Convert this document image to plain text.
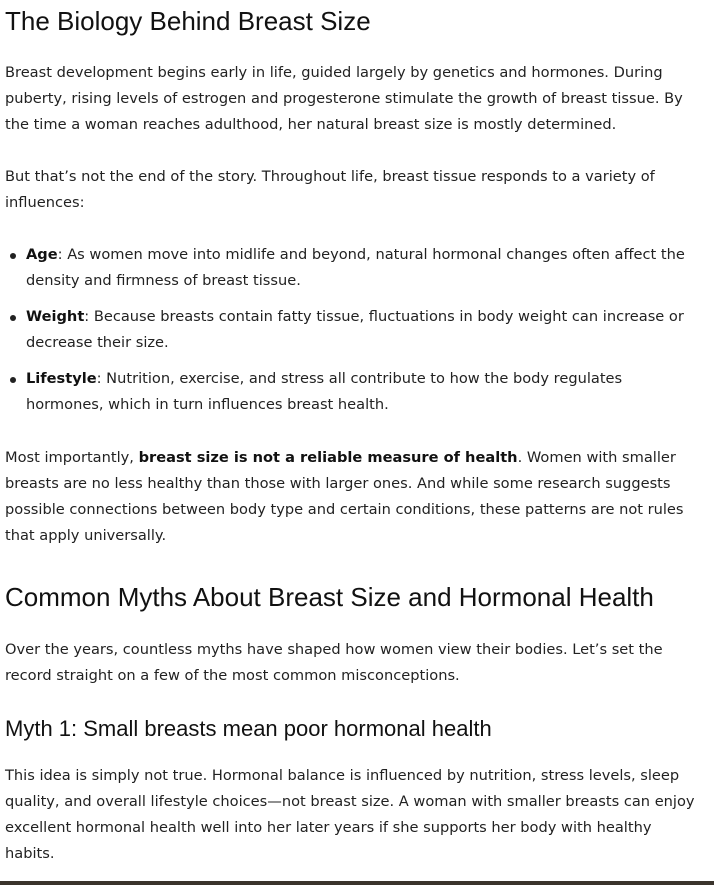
The Biology Behind Breast Size

Breast development begins early in life, guided largely by genetics and hormones. During puberty, rising levels of estrogen and progesterone stimulate the growth of breast tissue. By the time a woman reaches adulthood, her natural breast size is mostly determined.

But that’s not the end of the story. Throughout life, breast tissue responds to a variety of influences:

Age: As women move into midlife and beyond, natural hormonal changes often affect the density and firmness of breast tissue.
Weight: Because breasts contain fatty tissue, fluctuations in body weight can increase or decrease their size.
Lifestyle: Nutrition, exercise, and stress all contribute to how the body regulates hormones, which in turn influences breast health.

Most importantly, breast size is not a reliable measure of health. Women with smaller breasts are no less healthy than those with larger ones. And while some research suggests possible connections between body type and certain conditions, these patterns are not rules that apply universally.

Common Myths About Breast Size and Hormonal Health

Over the years, countless myths have shaped how women view their bodies. Let’s set the record straight on a few of the most common misconceptions.

Myth 1: Small breasts mean poor hormonal health

This idea is simply not true. Hormonal balance is influenced by nutrition, stress levels, sleep quality, and overall lifestyle choices—not breast size. A woman with smaller breasts can enjoy excellent hormonal health well into her later years if she supports her body with healthy habits.
